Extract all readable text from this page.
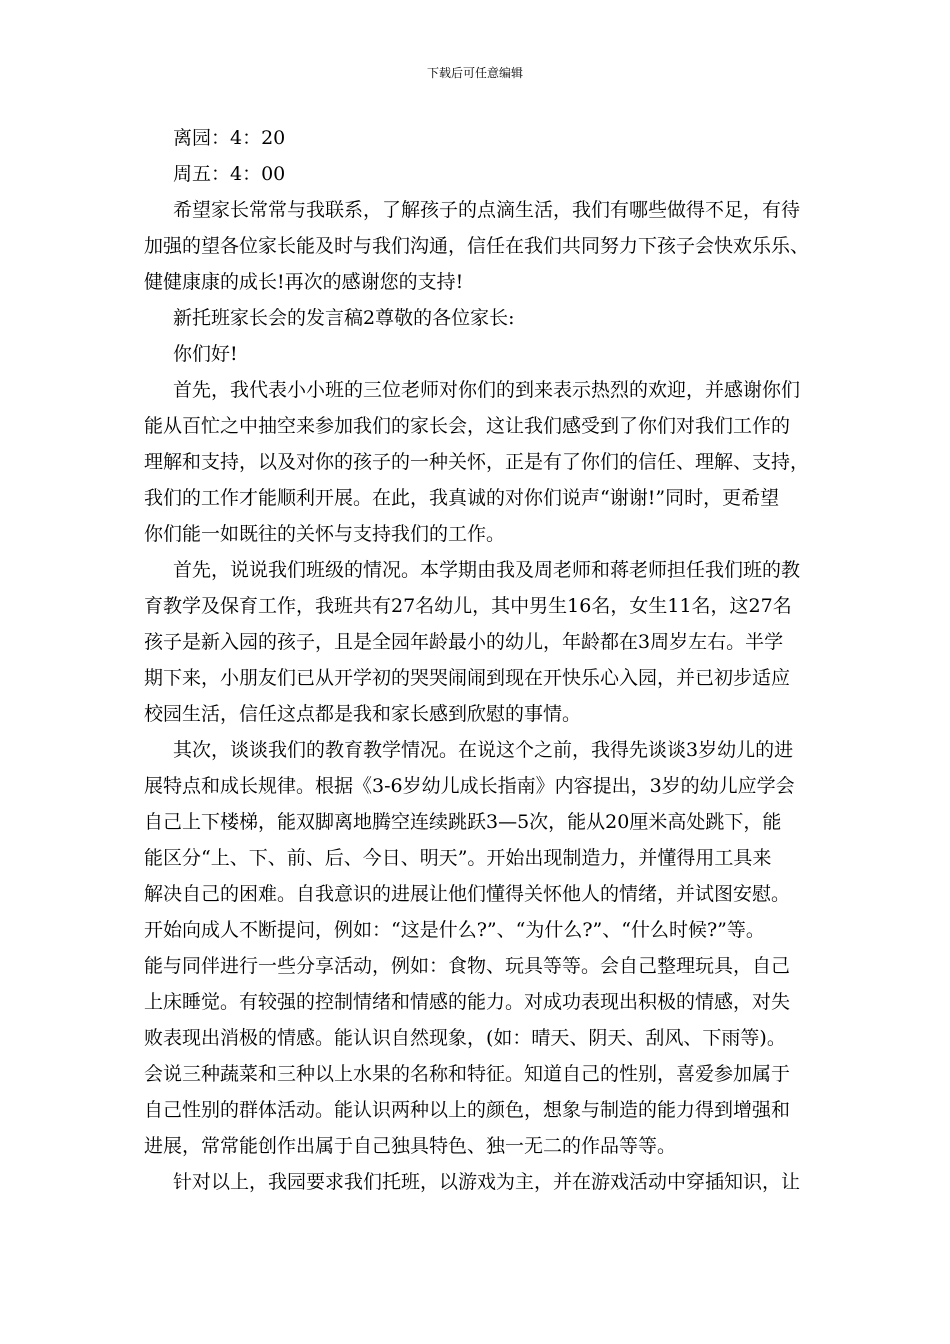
下载后可任意编辑

离园：4：20

周五：4：00

希望家长常常与我联系，了解孩子的点滴生活，我们有哪些做得不足，有待

加强的望各位家长能及时与我们沟通，信任在我们共同努力下孩子会快欢乐乐、

健健康康的成长!再次的感谢您的支持!

新托班家长会的发言稿2尊敬的各位家长:

你们好!

首先，我代表小小班的三位老师对你们的到来表示热烈的欢迎，并感谢你们

能从百忙之中抽空来参加我们的家长会，这让我们感受到了你们对我们工作的

理解和支持，以及对你的孩子的一种关怀，正是有了你们的信任、理解、支持，

我们的工作才能顺利开展。在此，我真诚的对你们说声“谢谢!”同时，更希望

你们能一如既往的关怀与支持我们的工作。

首先，说说我们班级的情况。本学期由我及周老师和蒋老师担任我们班的教

育教学及保育工作，我班共有27名幼儿，其中男生16名，女生11名，这27名

孩子是新入园的孩子，且是全园年龄最小的幼儿，年龄都在3周岁左右。半学

期下来，小朋友们已从开学初的哭哭闹闹到现在开快乐心入园，并已初步适应

校园生活，信任这点都是我和家长感到欣慰的事情。

其次，谈谈我们的教育教学情况。在说这个之前，我得先谈谈3岁幼儿的进

展特点和成长规律。根据《3-6岁幼儿成长指南》内容提出，3岁的幼儿应学会

自己上下楼梯，能双脚离地腾空连续跳跃3—5次，能从20厘米高处跳下，能

能区分“上、下、前、后、今日、明天”。开始出现制造力，并懂得用工具来

解决自己的困难。自我意识的进展让他们懂得关怀他人的情绪，并试图安慰。

开始向成人不断提问，例如：“这是什么?”、“为什么?”、“什么时候?”等。

能与同伴进行一些分享活动，例如：食物、玩具等等。会自己整理玩具，自己

上床睡觉。有较强的控制情绪和情感的能力。对成功表现出积极的情感，对失

败表现出消极的情感。能认识自然现象，(如：晴天、阴天、刮风、下雨等)。

会说三种蔬菜和三种以上水果的名称和特征。知道自己的性别，喜爱参加属于

自己性别的群体活动。能认识两种以上的颜色，想象与制造的能力得到增强和

进展，常常能创作出属于自己独具特色、独一无二的作品等等。

针对以上，我园要求我们托班，以游戏为主，并在游戏活动中穿插知识，让
